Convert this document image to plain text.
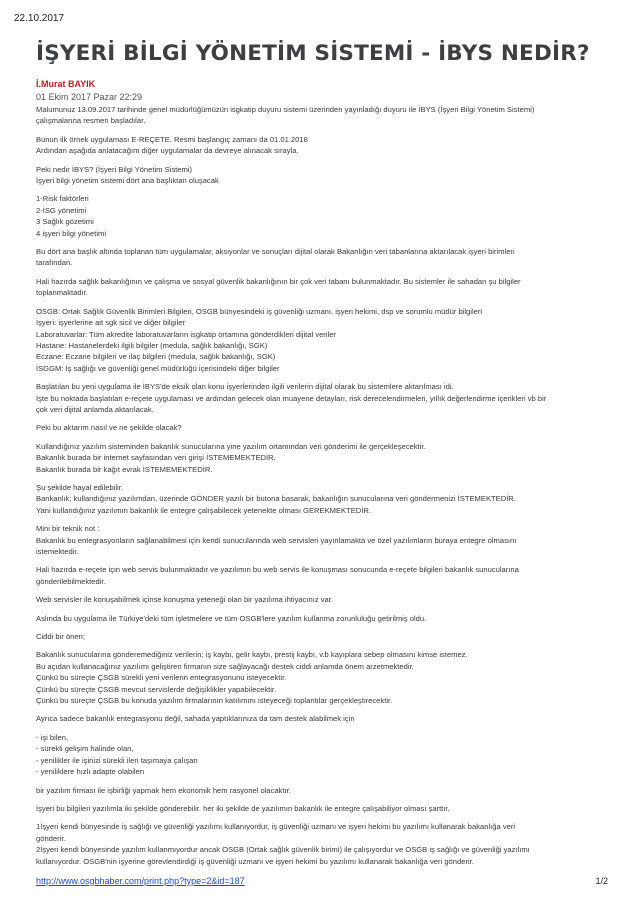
22.10.2017
İŞYERİ BİLGİ YÖNETİM SİSTEMİ - İBYS NEDİR?
İ.Murat BAYIK
01 Ekim 2017 Pazar 22:29

Malumunuz 13.09.2017 tarihinde genel müdürlüğümüzün isgkatip duyuru sistemi üzerinden yayınladığı duyuru ile İBYS (İşyeri Bilgi Yönetim Sistemi)
çalışmalarına resmen başladılar.

Bunun ilk örnek uygulaması E-REÇETE. Resmi başlangıç zamanı da 01.01.2018
Ardından aşağıda anlatacağım diğer uygulamalar da devreye alınacak sırayla.

Peki nedir İBYS? (İşyeri Bilgi Yönetim Sistemi)
İşyeri bilgi yönetim sistemi dört ana başlıktan oluşacak

1-Risk faktörleri
2-İSG yönetimi
3 Sağlık gözetimi
4 işyeri bilgi yönetimi

Bu dört ana başlık altında toplanan tüm uygulamalar, aksiyonlar ve sonuçları dijital olarak Bakanlığın veri tabanlarına aktarılacak işyeri birimleri
tarafından.

Hali hazırda sağlık bakanlığının ve çalışma ve sosyal güvenlik bakanlığının bir çok veri tabanı bulunmaktadır. Bu sistemler ile sahadan şu bilgiler
toplanmaktadır.

OSGB: Ortak Sağlık Güvenlik Birimleri Bilgileri, OSGB bünyesindeki iş güvenliği uzmanı, işyeri hekimi, dsp ve sorumlu müdür bilgileri
İşyeri: işyerlerine ait sgk sicil ve diğer bilgiler
Laboratuvarlar: Tüm akredite laboratuvarların isgkatip ortamına gönderdikleri dijital veriler
Hastane: Hastanelerdeki ilgili bilgiler (medula, sağlık bakanlığı, SGK)
Eczane: Eczane bilgileri ve ilaç bilgileri (medula, sağlık bakanlığı, SGK)
İSGGM: İş sağlığı ve güvenliği genel müdürlüğü içerisindeki diğer bilgiler

Başlatılan bu yeni uygulama ile İBYS'de eksik olan konu işyerlerinden ilgili verilerin dijital olarak bu sistemlere aktarılması idi.
İşte bu noktada başlatılan e-reçete uygulaması ve ardından gelecek olan muayene detayları, risk derecelendirmeleri, yıllık değerlendirme içerikleri vb bir
çok veri dijital anlamda aktarılacak.

Peki bu aktarım nasıl ve ne şekilde olacak?

Kullandığınız yazılım sisteminden bakanlık sunucularına yine yazılım ortamından veri gönderimi ile gerçekleşecektir.
Bakanlık burada bir internet sayfasından veri girişi İSTEMEMEKTEDİR.
Bakanlık burada bir kağıt evrak İSTEMEMEKTEDİR.

Şu şekilde hayal edilebilir.
Bankanlık; kullandığınız yazılımdan, üzerinde GÖNDER yazılı bir butona basarak, bakanlığın sunucularına veri göndermenizi İSTEMEKTEDİR.
Yani kullandığınız yazılımın bakanlık ile entegre çalışabilecek yetenekte olması GEREKMEKTEDİR.

Mini bir teknik not :
Bakanlık bu entegrasyonların sağlanabilmesi için kendi sunucularında web servisleri yayınlamakta ve özel yazılımların buraya entegre olmasını
istemektedir.

Hali hazırda e-reçete için web servis bulunmaktadır ve yazılımın bu web servis ile konuşması sonucunda e-reçete bilgileri bakanlık sunucularına
gönderilebilmektedir.

Web servisler ile konuşabilmek içinse konuşma yeteneği olan bir yazılıma ihtiyacınız var.

Aslında bu uygulama ile Türkiye'deki tüm işletmelere ve tüm OSGB'lere yazılım kullanma zorunluluğu getirilmiş oldu.

Ciddi bir öneri;

Bakanlık sunucularına gönderemediğiniz verilerin; iş kaybı, gelir kaybı, prestij kaybı, v.b kayıplara sebep olmasını kimse istemez.
Bu açıdan kullanacağınız yazılımı geliştiren firmanın size sağlayacağı destek ciddi anlamda önem arzetmektedir.
Çünkü bu süreçte ÇSGB sürekli yeni verilerin entegrasyonunu isteyecektir.
Çünkü bu süreçte ÇSGB mevcut servislerde değişiklikler yapabilecektir.
Çünkü bu süreçte ÇSGB bu konuda yazılım firmalarının katılımını isteyeceği toplantılar gerçekleştirecektir.

Ayrıca sadece bakanlık entegrasyonu değil, sahada yaptıklarınıza da tam destek alabilmek için

- işi bilen,
- sürekli gelişim halinde olan,
- yenilikler ile işinizi sürekli ileri taşımaya çalışan
- yeniliklere hızlı adapte olabilen

bir yazılım firması ile işbirliği yapmak hem ekonomik hem rasyonel olacaktır.

İşyeri bu bilgileri yazılımla iki şekilde gönderebilir. her iki şekilde de yazılımın bakanlık ile entegre çalışabiliyor olması şarttır.

1İşyeri kendi bünyesinde iş sağlığı ve güvenliği yazılımı kullanıyordur, iş güvenliği uzmanı ve işyeri hekimi bu yazılımı kullanarak bakanlığa veri
gönderir.
2İşyeri kendi bünyesinde yazılım kullanmıyordur ancak OSGB (Ortak sağlık güvenlik birimi) ile çalışıyordur ve OSGB iş sağlığı ve güvenliği yazılımı
kullanıyordur. OSGB'nin işyerine görevlendirdiği iş güvenliği uzmanı ve işyeri hekimi bu yazılımı kullanarak bakanlığa veri gönderir.

http://www.osgbhaber.com/print.php?type=2&id=187	1/2
